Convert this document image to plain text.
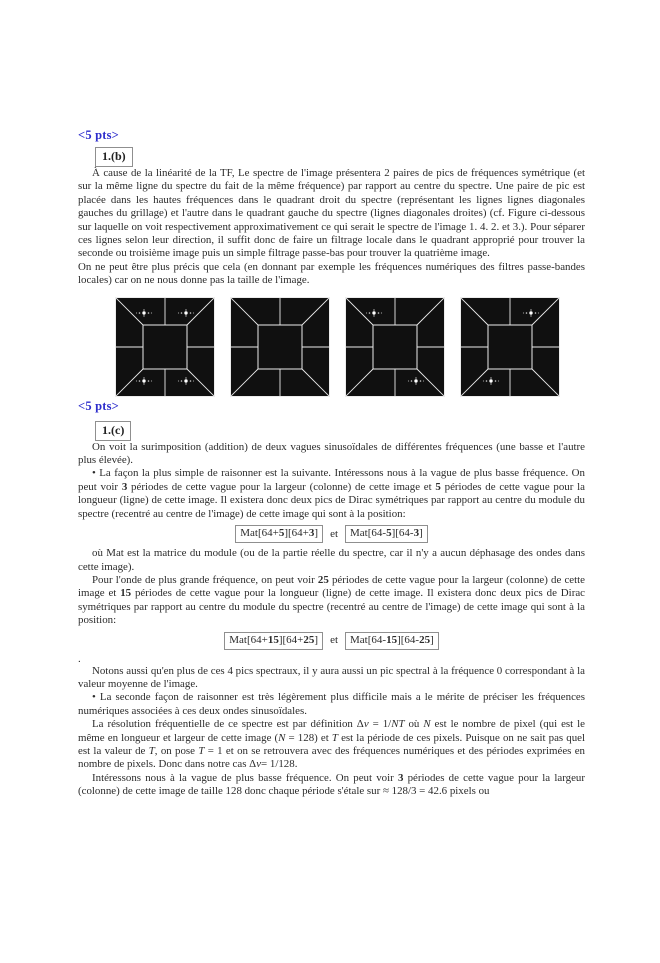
<5 pts>
1.(b)

À cause de la linéarité de la TF, Le spectre de l'image présentera 2 paires de pics de fréquences symétrique (et sur la même ligne du spectre du fait de la même fréquence) par rapport au centre du spectre. Une paire de pic est placée dans les hautes fréquences dans le quadrant droit du spectre (représentant les lignes lignes diagonales gauches du grillage) et l'autre dans le quadrant gauche du spectre (lignes diagonales droites) (cf. Figure ci-dessous sur laquelle on voit respectivement approximativement ce qui serait le spectre de l'image 1. 4. 2. et 3.). Pour séparer ces lignes selon leur direction, il suffit donc de faire un filtrage locale dans le quadrant approprié pour trouver la seconde ou troisième image puis un simple filtrage passe-bas pour trouver la quatrième image.

On ne peut être plus précis que cela (en donnant par exemple les fréquences numériques des filtres passe-bandes locales) car on ne nous donne pas la taille de l'image.

<5 pts>
1.(c)

On voit la surimposition (addition) de deux vagues sinusoïdales de différentes fréquences (une basse et l'autre plus élevée).

• La façon la plus simple de raisonner est la suivante. Intéressons nous à la vague de plus basse fréquence. On peut voir 3 périodes de cette vague pour la largeur (colonne) de cette image et 5 périodes de cette vague pour la longueur (ligne) de cette image. Il existera donc deux pics de Dirac symétriques par rapport au centre du module du spectre (recentré au centre de l'image) de cette image qui sont à la position:

Mat[64+5][64+3]	et	Mat[64-5][64-3]

où Mat est la matrice du module (ou de la partie réelle du spectre, car il n'y a aucun déphasage des ondes dans cette image).

Pour l'onde de plus grande fréquence, on peut voir 25 périodes de cette vague pour la largeur (colonne) de cette image et 15 périodes de cette vague pour la longueur (ligne) de cette image. Il existera donc deux pics de Dirac symétriques par rapport au centre du module du spectre (recentré au centre de l'image) de cette image qui sont à la position:

Mat[64+15][64+25]	et	Mat[64-15][64-25]

.

Notons aussi qu'en plus de ces 4 pics spectraux, il y aura aussi un pic spectral à la fréquence 0 correspondant à la valeur moyenne de l'image.

• La seconde façon de raisonner est très légèrement plus difficile mais a le mérite de préciser les fréquences numériques associées à ces deux ondes sinusoïdales.

La résolution fréquentielle de ce spectre est par définition Δν = 1/NT où N est le nombre de pixel (qui est le même en longueur et largeur de cette image (N = 128) et T est la période de ces pixels. Puisque on ne sait pas quel est la valeur de T, on pose T = 1 et on se retrouvera avec des fréquences numériques et des périodes exprimées en nombre de pixels. Donc dans notre cas Δν= 1/128.

Intéressons nous à la vague de plus basse fréquence. On peut voir 3 périodes de cette vague pour la largeur (colonne) de cette image de taille 128 donc chaque période s'étale sur ≈ 128/3 = 42.6 pixels ou
